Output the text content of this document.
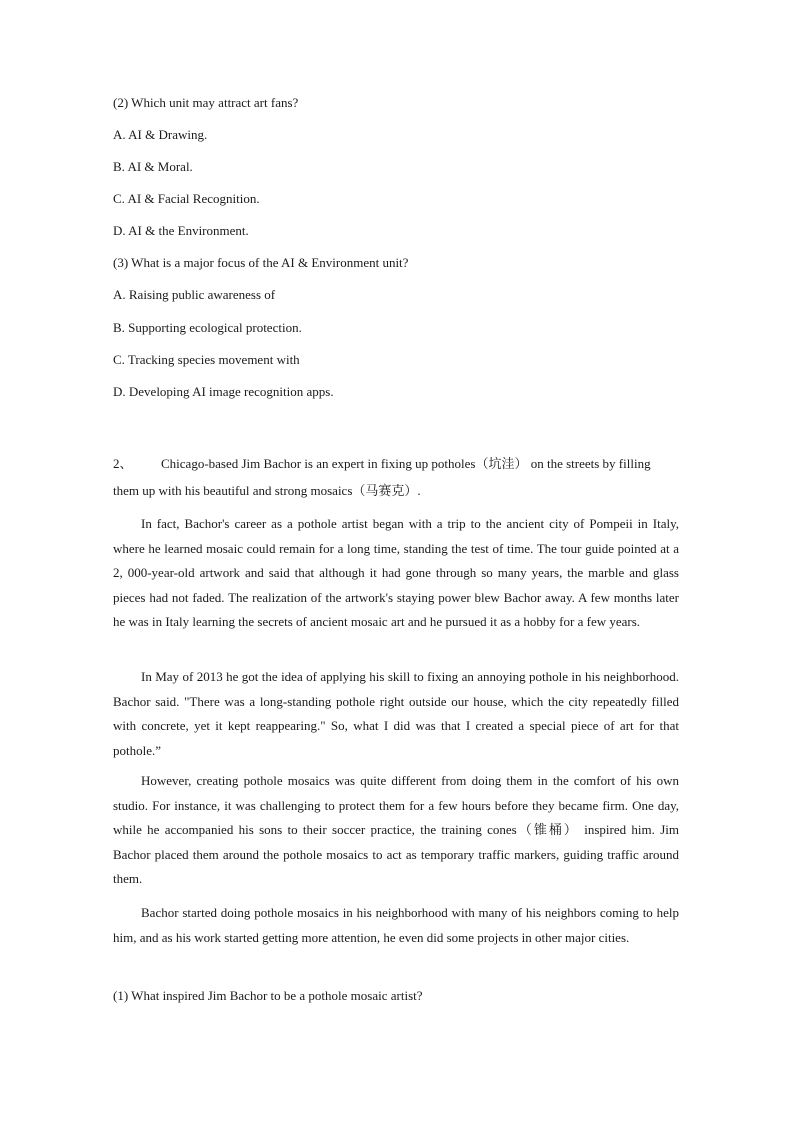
(2) Which unit may attract art fans?
A. AI & Drawing.
B. AI & Moral.
C. AI & Facial Recognition.
D. AI & the Environment.
(3) What is a major focus of the AI & Environment unit?
A. Raising public awareness of
B. Supporting ecological protection.
C. Tracking species movement with
D. Developing AI image recognition apps.
2、 Chicago-based Jim Bachor is an expert in fixing up potholes（坑洼） on the streets by filling them up with his beautiful and strong mosaics（马赛克）.
In fact, Bachor's career as a pothole artist began with a trip to the ancient city of Pompeii in Italy, where he learned mosaic could remain for a long time, standing the test of time. The tour guide pointed at a 2, 000-year-old artwork and said that although it had gone through so many years, the marble and glass pieces had not faded. The realization of the artwork's staying power blew Bachor away. A few months later he was in Italy learning the secrets of ancient mosaic art and he pursued it as a hobby for a few years.
In May of 2013 he got the idea of applying his skill to fixing an annoying pothole in his neighborhood. Bachor said. "There was a long-standing pothole right outside our house, which the city repeatedly filled with concrete, yet it kept reappearing." So, what I did was that I created a special piece of art for that pothole.”
However, creating pothole mosaics was quite different from doing them in the comfort of his own studio. For instance, it was challenging to protect them for a few hours before they became firm. One day, while he accompanied his sons to their soccer practice, the training cones（锥桶） inspired him. Jim Bachor placed them around the pothole mosaics to act as temporary traffic markers, guiding traffic around them.
Bachor started doing pothole mosaics in his neighborhood with many of his neighbors coming to help him, and as his work started getting more attention, he even did some projects in other major cities.
(1) What inspired Jim Bachor to be a pothole mosaic artist?
